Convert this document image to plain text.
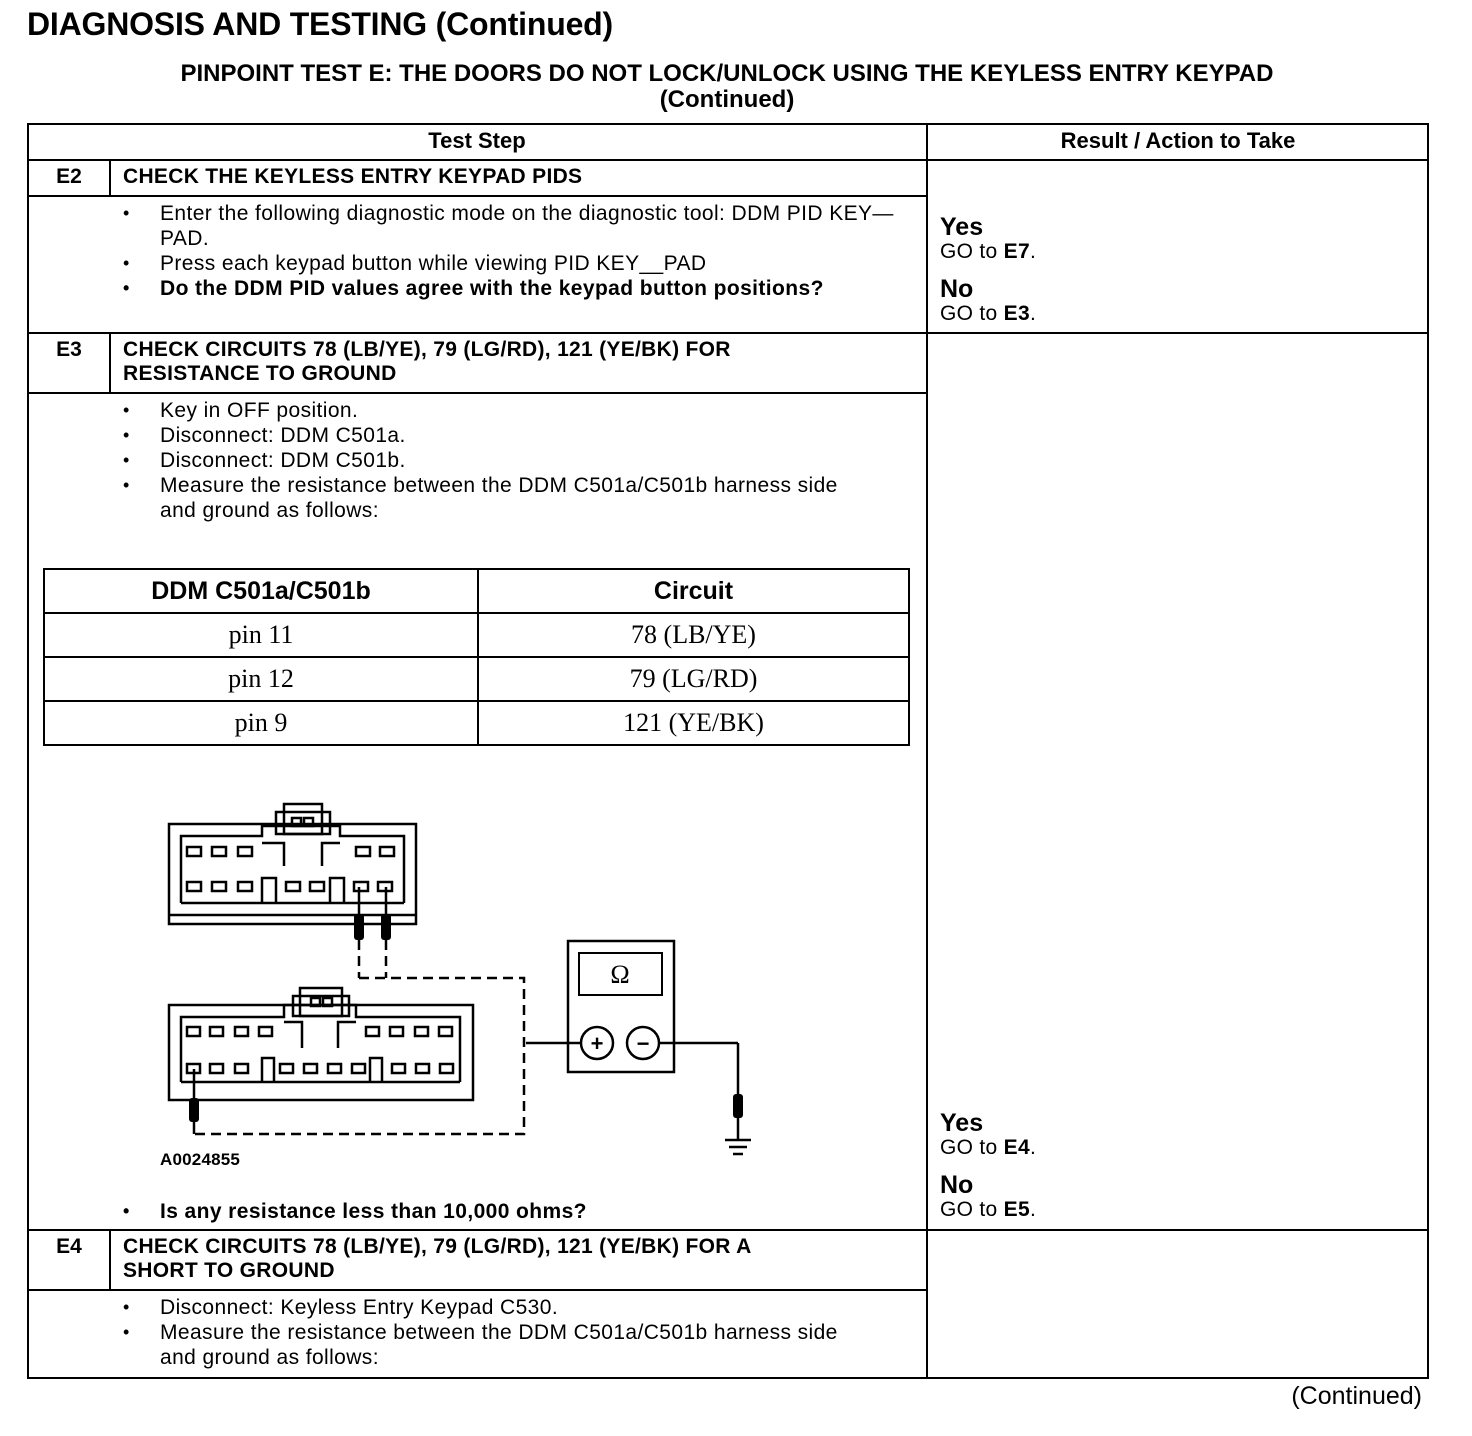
DIAGNOSIS AND TESTING (Continued)
PINPOINT TEST E: THE DOORS DO NOT LOCK/UNLOCK USING THE KEYLESS ENTRY KEYPAD
(Continued)
Test Step	Result / Action to Take
E2	CHECK THE KEYLESS ENTRY KEYPAD PIDS
• Enter the following diagnostic mode on the diagnostic tool: DDM PID KEY—PAD.
• Press each keypad button while viewing PID KEY__PAD
• Do the DDM PID values agree with the keypad button positions?
Yes
GO to E7.
No
GO to E3.
E3	CHECK CIRCUITS 78 (LB/YE), 79 (LG/RD), 121 (YE/BK) FOR
RESISTANCE TO GROUND
• Key in OFF position.
• Disconnect: DDM C501a.
• Disconnect: DDM C501b.
• Measure the resistance between the DDM C501a/C501b harness side and ground as follows:
DDM C501a/C501b	Circuit
pin 11	78 (LB/YE)
pin 12	79 (LG/RD)
pin 9	121 (YE/BK)
Ω
+ −
A0024855
• Is any resistance less than 10,000 ohms?
Yes
GO to E4.
No
GO to E5.
E4	CHECK CIRCUITS 78 (LB/YE), 79 (LG/RD), 121 (YE/BK) FOR A
SHORT TO GROUND
• Disconnect: Keyless Entry Keypad C530.
• Measure the resistance between the DDM C501a/C501b harness side and ground as follows:
(Continued)
